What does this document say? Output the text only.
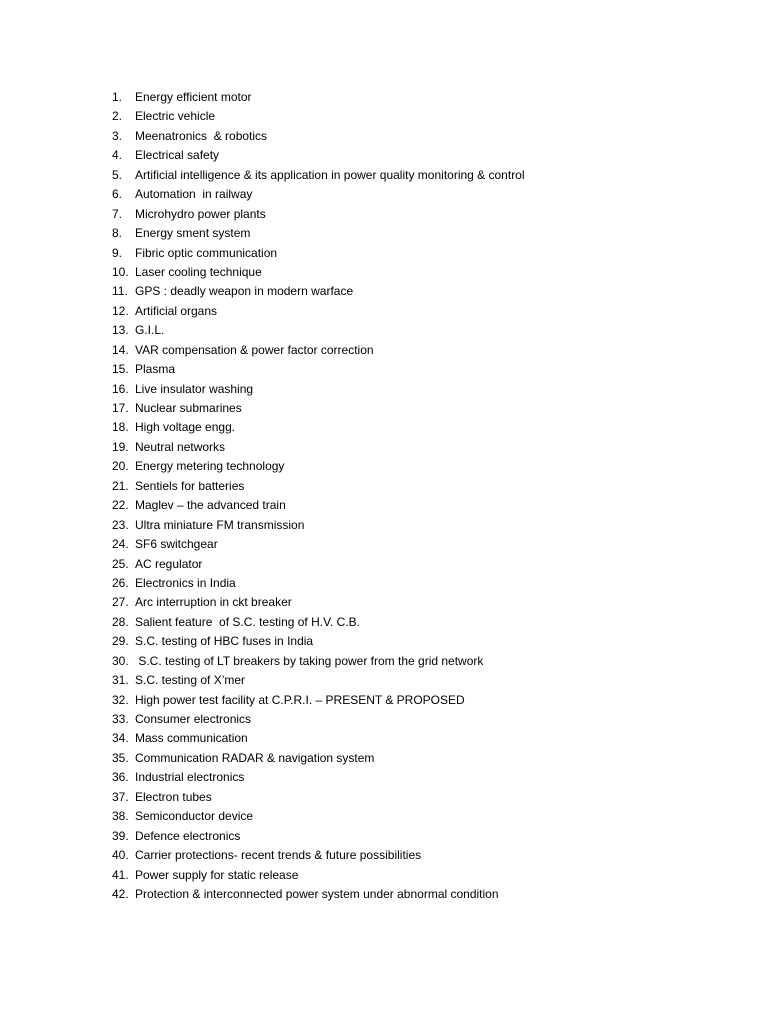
1.	Energy efficient motor
2.	Electric vehicle
3.	Meenatronics  & robotics
4.	Electrical safety
5.	Artificial intelligence & its application in power quality monitoring & control
6.	Automation  in railway
7.	Microhydro power plants
8.	Energy sment system
9.	Fibric optic communication
10. Laser cooling technique
11. GPS : deadly weapon in modern warface
12. Artificial organs
13. G.I.L.
14. VAR compensation & power factor correction
15. Plasma
16. Live insulator washing
17. Nuclear submarines
18. High voltage engg.
19. Neutral networks
20. Energy metering technology
21. Sentiels for batteries
22. Maglev – the advanced train
23. Ultra miniature FM transmission
24. SF6 switchgear
25. AC regulator
26. Electronics in India
27. Arc interruption in ckt breaker
28. Salient feature  of S.C. testing of H.V. C.B.
29. S.C. testing of HBC fuses in India
30. S.C. testing of LT breakers by taking power from the grid network
31. S.C. testing of X’mer
32. High power test facility at C.P.R.I. – PRESENT & PROPOSED
33. Consumer electronics
34. Mass communication
35. Communication RADAR & navigation system
36. Industrial electronics
37. Electron tubes
38. Semiconductor device
39. Defence electronics
40. Carrier protections- recent trends & future possibilities
41. Power supply for static release
42. Protection & interconnected power system under abnormal condition
